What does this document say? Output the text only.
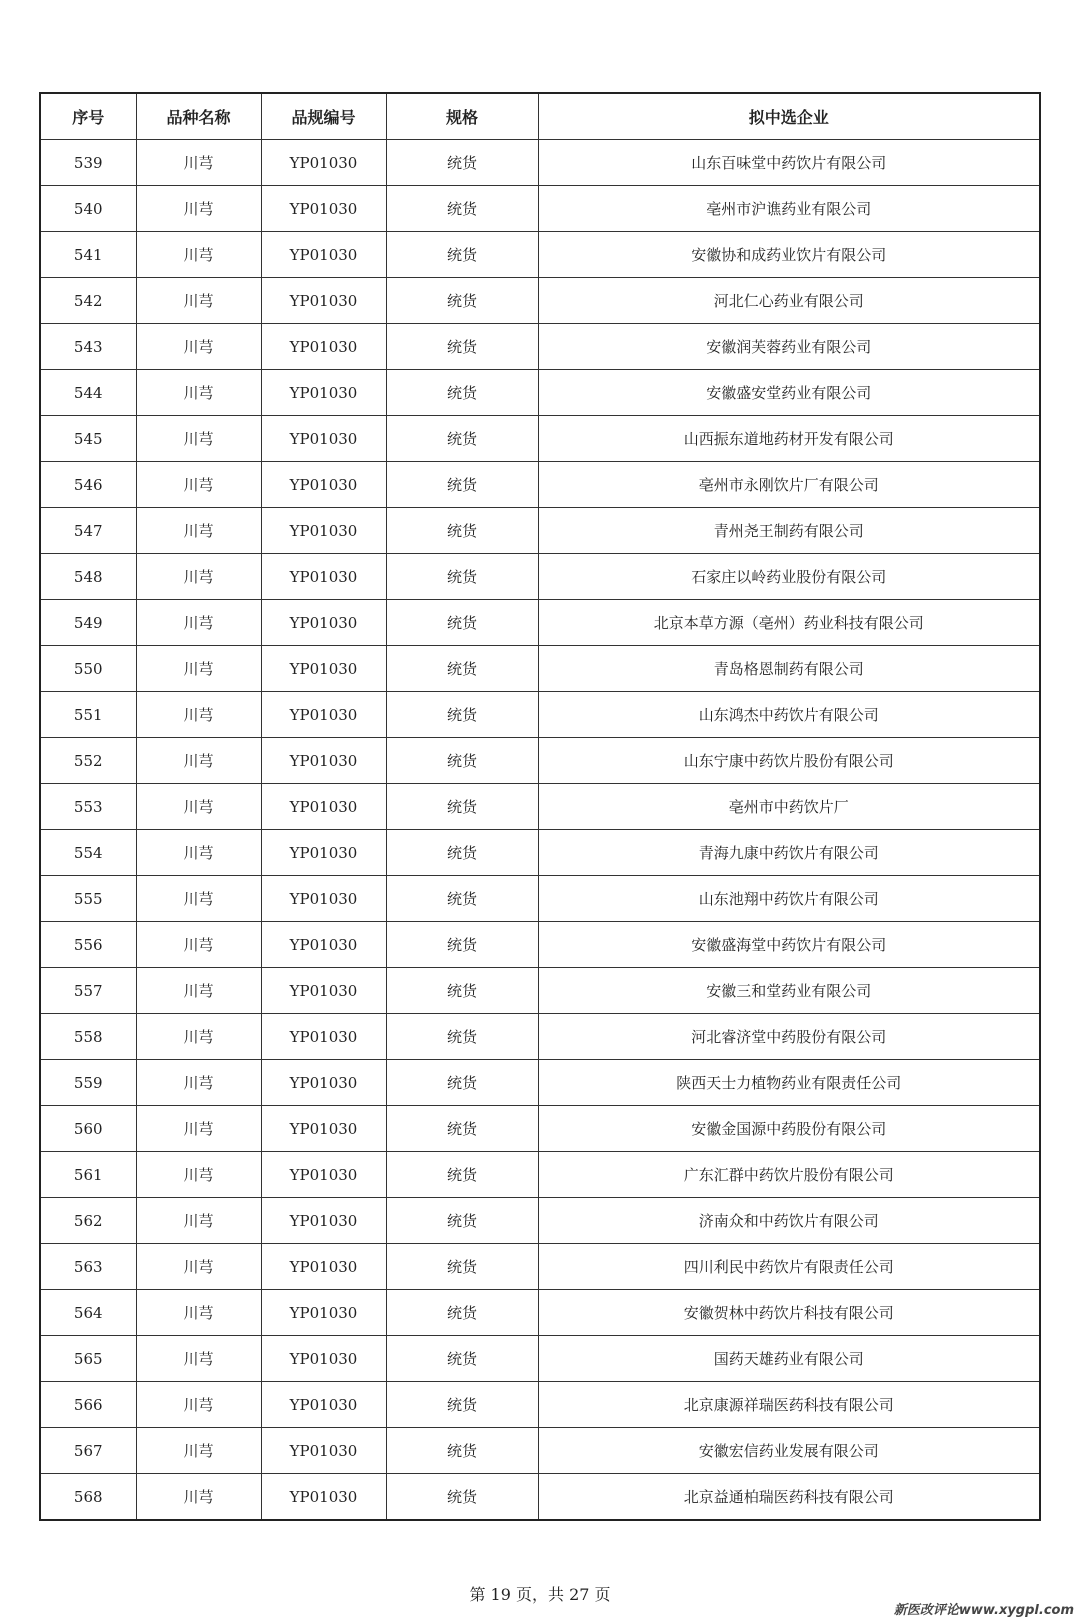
序号	品种名称	品规编号	规格	拟中选企业
539	川芎	YP01030	统货	山东百味堂中药饮片有限公司
540	川芎	YP01030	统货	亳州市沪谯药业有限公司
541	川芎	YP01030	统货	安徽协和成药业饮片有限公司
542	川芎	YP01030	统货	河北仁心药业有限公司
543	川芎	YP01030	统货	安徽润芙蓉药业有限公司
544	川芎	YP01030	统货	安徽盛安堂药业有限公司
545	川芎	YP01030	统货	山西振东道地药材开发有限公司
546	川芎	YP01030	统货	亳州市永刚饮片厂有限公司
547	川芎	YP01030	统货	青州尧王制药有限公司
548	川芎	YP01030	统货	石家庄以岭药业股份有限公司
549	川芎	YP01030	统货	北京本草方源（亳州）药业科技有限公司
550	川芎	YP01030	统货	青岛格恩制药有限公司
551	川芎	YP01030	统货	山东鸿杰中药饮片有限公司
552	川芎	YP01030	统货	山东宁康中药饮片股份有限公司
553	川芎	YP01030	统货	亳州市中药饮片厂
554	川芎	YP01030	统货	青海九康中药饮片有限公司
555	川芎	YP01030	统货	山东池翔中药饮片有限公司
556	川芎	YP01030	统货	安徽盛海堂中药饮片有限公司
557	川芎	YP01030	统货	安徽三和堂药业有限公司
558	川芎	YP01030	统货	河北睿济堂中药股份有限公司
559	川芎	YP01030	统货	陕西天士力植物药业有限责任公司
560	川芎	YP01030	统货	安徽金国源中药股份有限公司
561	川芎	YP01030	统货	广东汇群中药饮片股份有限公司
562	川芎	YP01030	统货	济南众和中药饮片有限公司
563	川芎	YP01030	统货	四川利民中药饮片有限责任公司
564	川芎	YP01030	统货	安徽贺林中药饮片科技有限公司
565	川芎	YP01030	统货	国药天雄药业有限公司
566	川芎	YP01030	统货	北京康源祥瑞医药科技有限公司
567	川芎	YP01030	统货	安徽宏信药业发展有限公司
568	川芎	YP01030	统货	北京益通柏瑞医药科技有限公司
第 19 页，共 27 页
新医改评论www.xygpl.com
